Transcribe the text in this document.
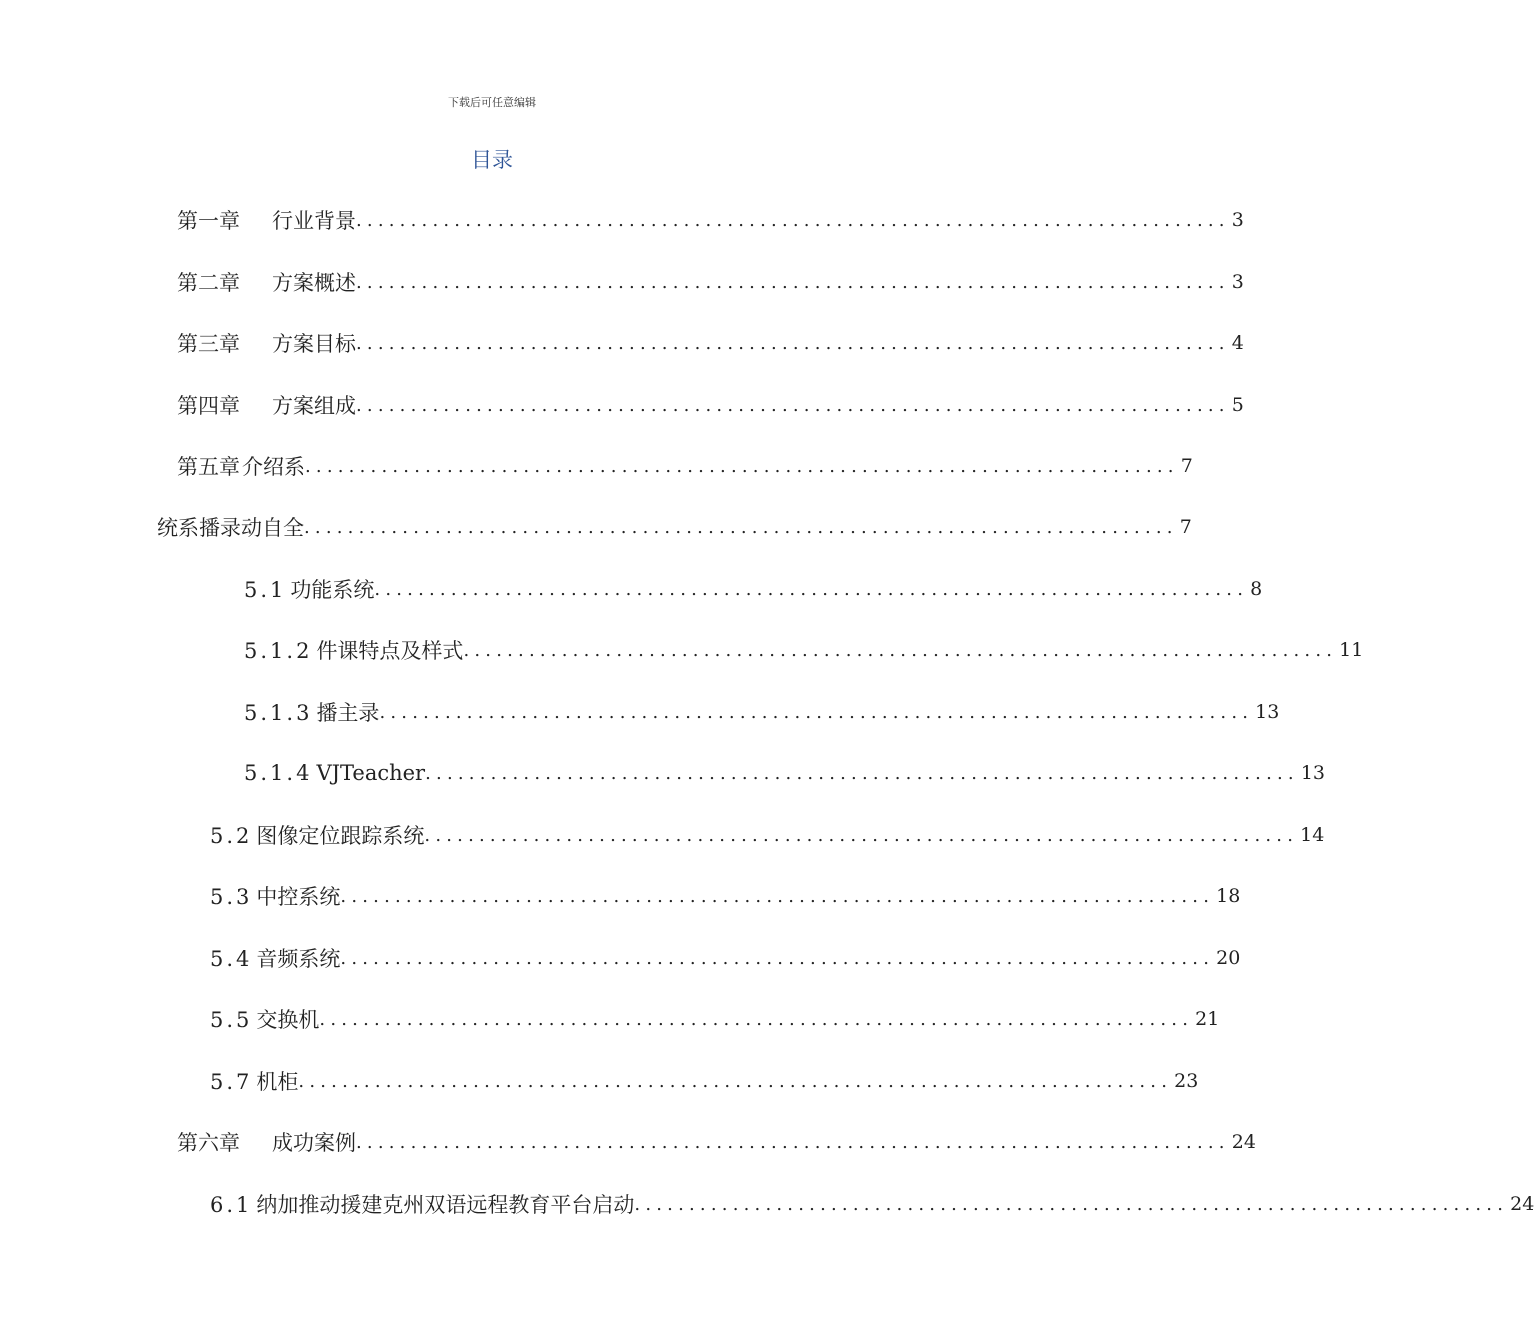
下载后可任意编辑
目录
第一章 行业背景 ................................................................................ 3
第二章 方案概述 ................................................................................ 3
第三章 方案目标 ................................................................................ 4
第四章 方案组成 ................................................................................ 5
第五章介绍系 ................................................................................ 7
统系播录动自全 ................................................................................ 7
5.1 功能系统 ................................................................................ 8
5.1.2 件课特点及样式 ................................................................................ 11
5.1.3 播主录 ................................................................................ 13
5.1.4 VJTeacher ................................................................................ 13
5.2 图像定位跟踪系统 ................................................................................ 14
5.3 中控系统 ................................................................................ 18
5.4 音频系统 ................................................................................ 20
5.5 交换机 ................................................................................ 21
5.7 机柜 ................................................................................ 23
第六章 成功案例 ................................................................................ 24
6.1 纳加推动援建克州双语远程教育平台启动 ................................................................................ 24
